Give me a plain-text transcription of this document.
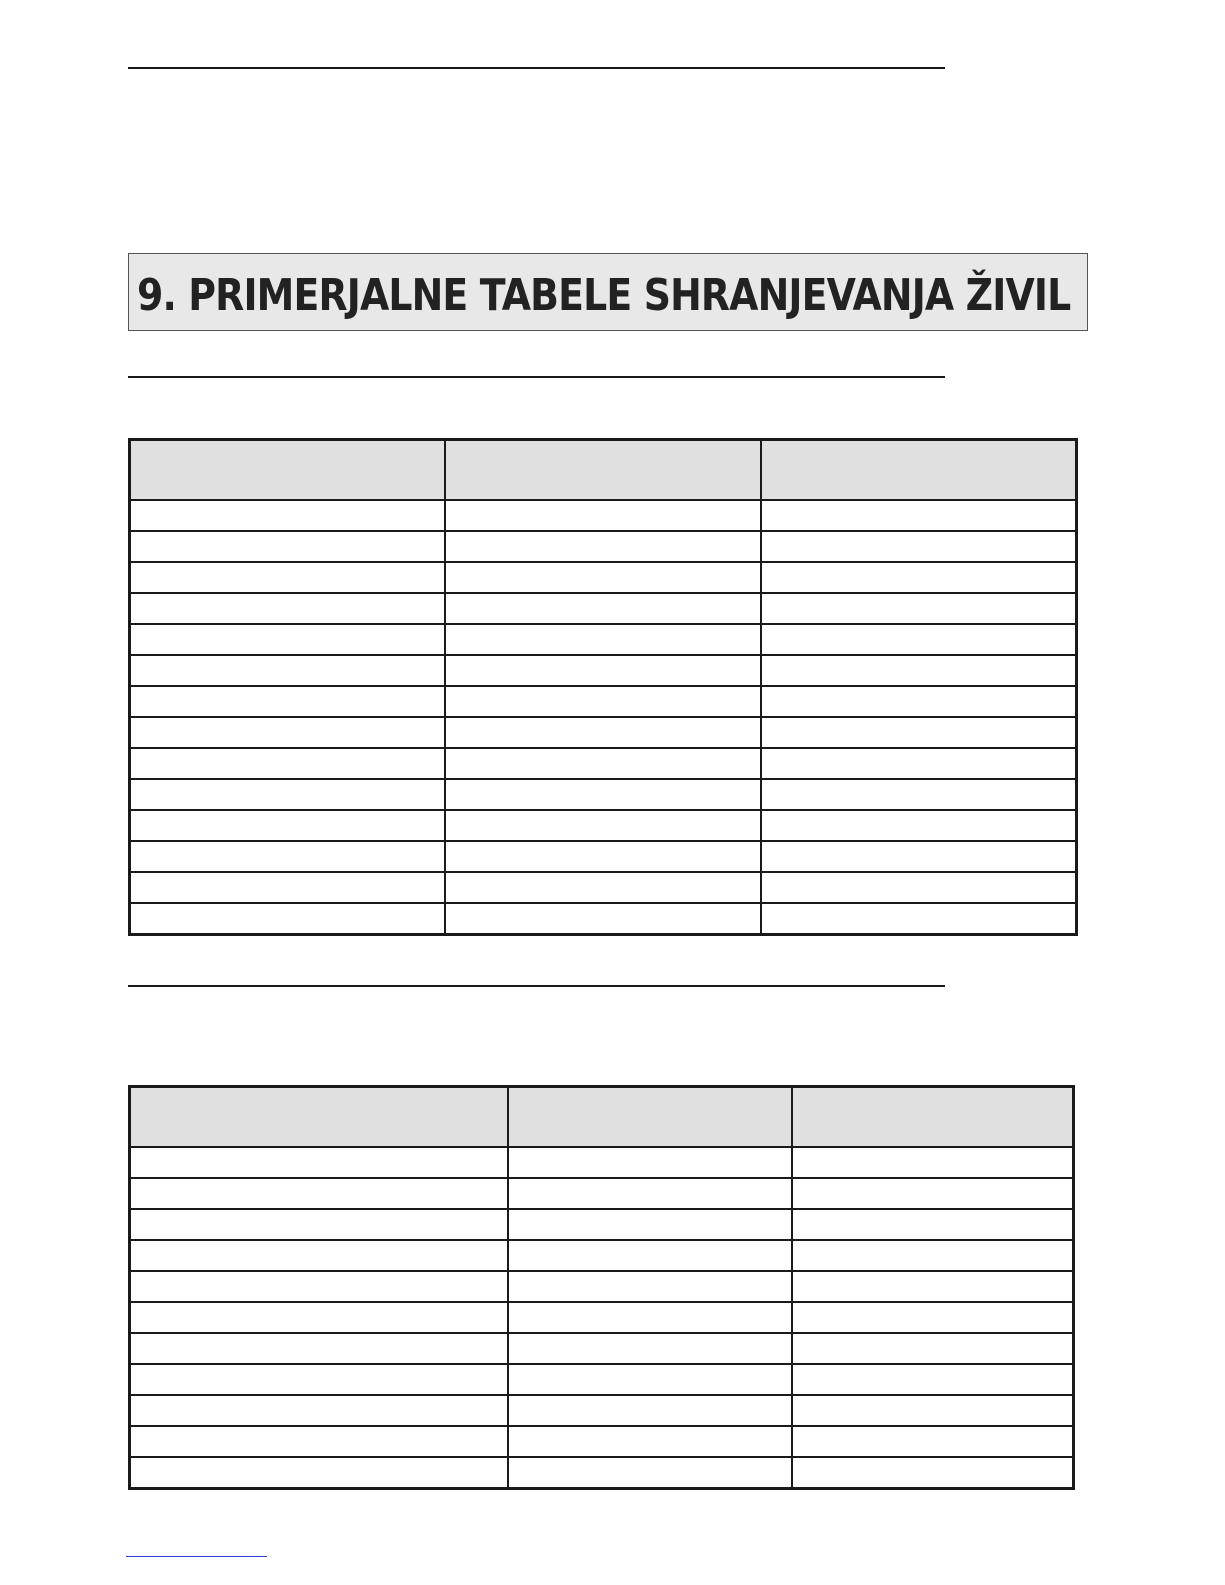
9. PRIMERJALNE TABELE SHRANJEVANJA ŽIVIL
